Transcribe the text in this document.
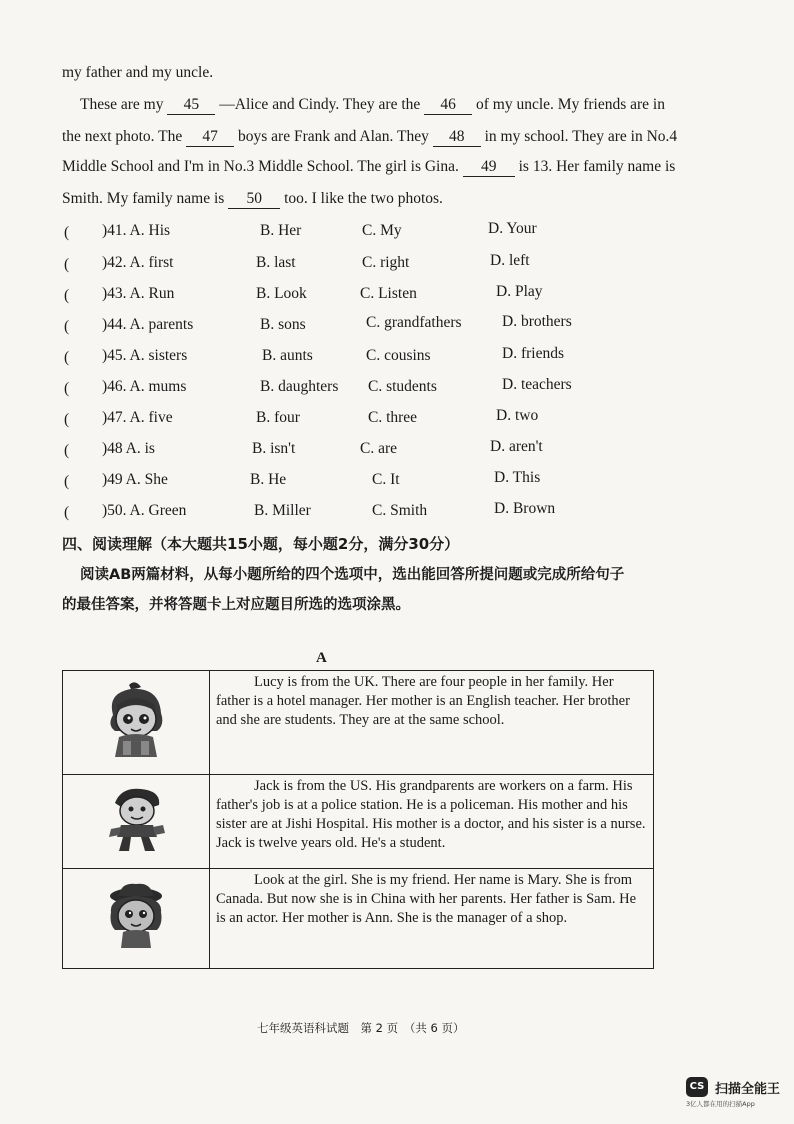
my father and my uncle.
These are my 45 —Alice and Cindy. They are the 46 of my uncle. My friends are in
the next photo. The 47 boys are Frank and Alan. They 48 in my school. They are in No.4
Middle School and I'm in No.3 Middle School. The girl is Gina. 49 is 13. Her family name is
Smith. My family name is 50 too. I like the two photos.
( )41. A. His	B. Her	C. My	D. Your
( )42. A. first	B. last	C. right	D. left
( )43. A. Run	B. Look	C. Listen	D. Play
( )44. A. parents	B. sons	C. grandfathers	D. brothers
( )45. A. sisters	B. aunts	C. cousins	D. friends
( )46. A. mums	B. daughters C. students	D. teachers
( )47. A. five	B. four	C. three	D. two
( )48 A. is	B. isn't	C. are	D. aren't
( )49 A. She	B. He	C. It	D. This
( )50. A. Green	B. Miller	C. Smith	D. Brown
四、阅读理解（本大题共15小题，每小题2分，满分30分）
阅读AB两篇材料，从每小题所给的四个选项中，选出能回答所提问题或完成所给句子
的最佳答案，并将答题卡上对应题目所选的选项涂黑。
A
	Lucy is from the UK. There are four people in her family. Her father is a hotel manager. Her mother is an English teacher. Her brother and she are students. They are at the same school.
	Jack is from the US. His grandparents are workers on a farm. His father's job is at a police station. He is a policeman. His mother and his sister are at Jishi Hospital. His mother is a doctor, and his sister is a nurse. Jack is twelve years old. He's a student.
	Look at the girl. She is my friend. Her name is Mary. She is from Canada. But now she is in China with her parents. Her father is Sam. He is an actor. Her mother is Ann. She is the manager of a shop.
七年级英语科试题　第 2 页　（共 6 页）
CS 扫描全能王
3亿人都在用的扫描App
